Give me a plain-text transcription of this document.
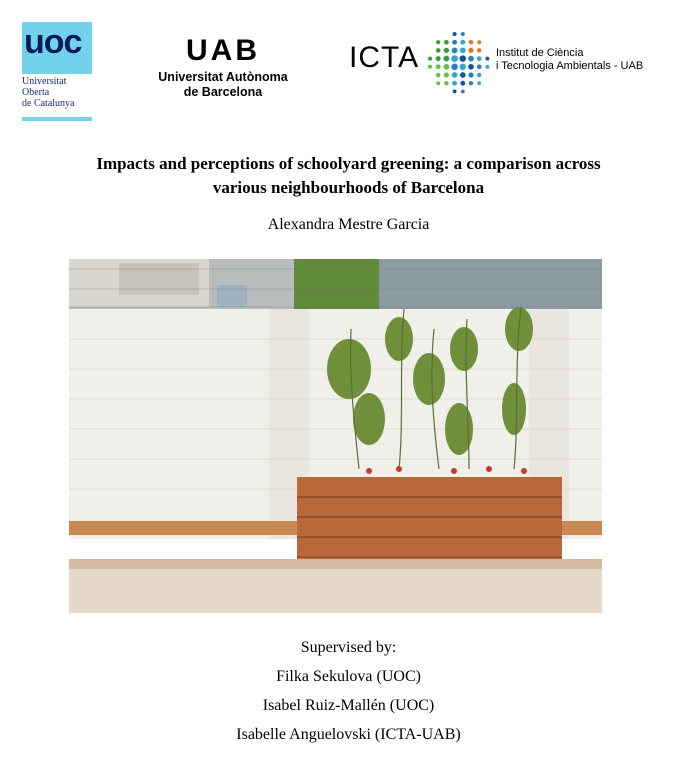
uoc
Universitat
Oberta
de Catalunya
UAB
Universitat Autònoma
de Barcelona
ICTA	Institut de Ciència
i Tecnologia Ambientals - UAB
Impacts and perceptions of schoolyard greening: a comparison across
various neighbourhoods of Barcelona
Alexandra Mestre Garcia
Supervised by:
Filka Sekulova (UOC)
Isabel Ruiz-Mallén (UOC)
Isabelle Anguelovski (ICTA-UAB)
